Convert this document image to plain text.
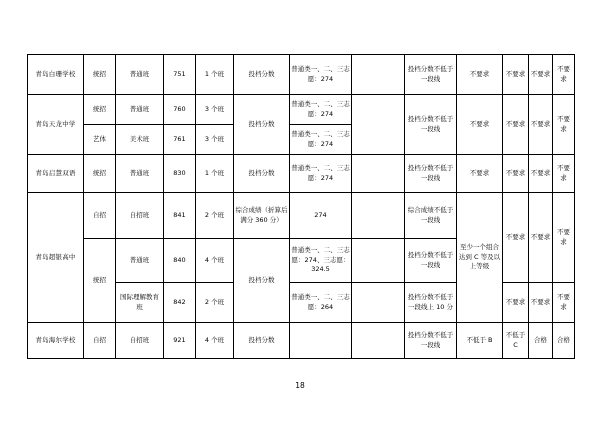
青岛白珊学校	统招	普通班	751	1 个班	投档分数	普通类一、二、三志愿：274		投档分数不低于一段线	不要求	不要求	不要求	不要求
青岛天龙中学	统招	普通班	760	3 个班	投档分数	普通类一、二、三志愿：274		投档分数不低于一段线	不要求	不要求	不要求	不要求
	艺体	美术班	761	3 个班		普通类一、二、三志愿：274						
青岛启慧双语	统招	普通班	830	1 个班	投档分数	普通类一、二、三志愿：274		投档分数不低于一段线	不要求	不要求	不要求	不要求
青岛超银高中	自招	自招班	841	2 个班	综合成绩（折算后满分 360 分）	274		综合成绩不低于一段线	至少一个组合达到 C 等及以上等级	不要求	不要求	不要求
	统招	普通班	840	4 个班	投档分数	普通类一、二、三志愿：274、三志愿：324.5		投档分数不低于一段线				
		国际理解教育班	842	2 个班		普通类一、二、三志愿：264		投档分数不低于一段线上 10 分		不要求	不要求	不要求
青岛海尔学校	自招	自招班	921	4 个班	投档分数			投档分数不低于一段线	不低于 B	不低于 C	合格	合格
18
